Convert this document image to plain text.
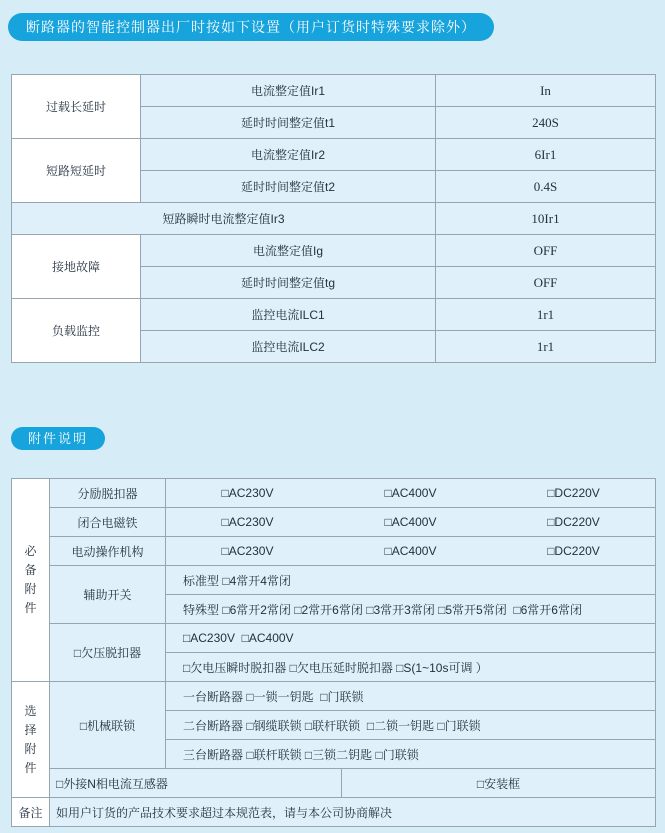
断路器的智能控制器出厂时按如下设置（用户订货时特殊要求除外）
过载长延时	电流整定值Ir1	In
	延时时间整定值t1	240S
短路短延时	电流整定值Ir2	6Ir1
	延时时间整定值t2	0.4S
短路瞬时电流整定值Ir3		10Ir1
接地故障	电流整定值Ig	OFF
	延时时间整定值tg	OFF
负载监控	监控电流ILC1	1r1
	监控电流ILC2	1r1
附件说明
必备附件	分励脱扣器	□AC230V □AC400V □DC220V	

	闭合电磁铁	□AC230V □AC400V □DC220V	

	电动操作机构	□AC230V □AC400V □DC220V	

	辅助开关	标准型 □4常开4常闭	
		特殊型 □6常开2常闭 □2常开6常闭 □3常开3常闭 □5常开5常闭  □6常开6常闭	
	□欠压脱扣器	□AC230V  □AC400V	
		□欠电压瞬时脱扣器 □欠电压延时脱扣器 □S(1~10s可调 ）	
选择附件	□机械联锁	一台断路器 □一锁一钥匙  □门联锁	
		二台断路器 □钢缆联锁 □联杆联锁  □二锁一钥匙 □门联锁	
		三台断路器 □联杆联锁 □三锁二钥匙 □门联锁	
	□外接N相电流互感器		□安装框
备注	如用户订货的产品技术要求超过本规范表，请与本公司协商解决		
